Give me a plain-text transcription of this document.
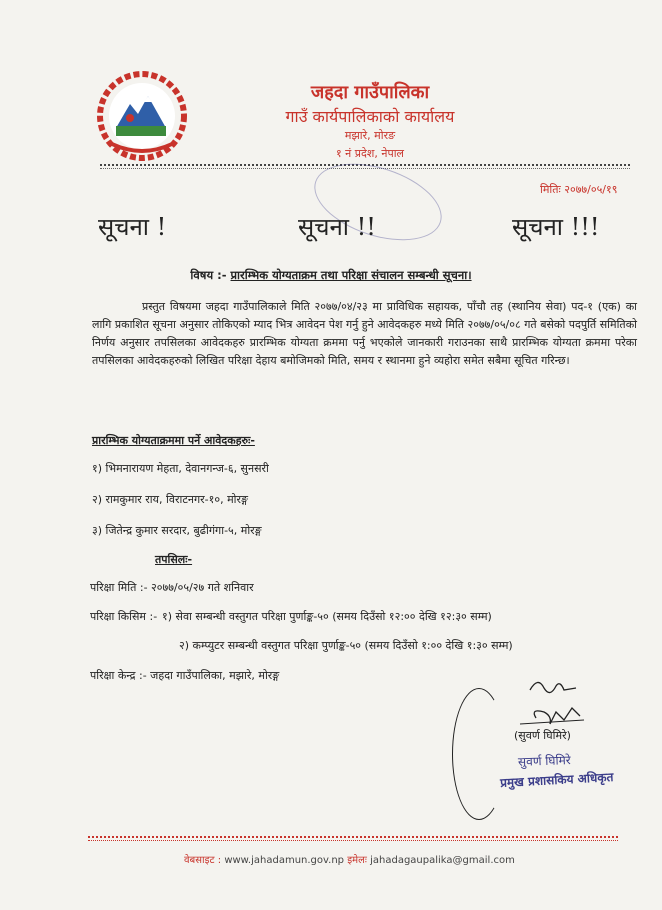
जहदा गाउँपालिका
गाउँ कार्यपालिकाको कार्यालय
मझारे, मोरङ
१ नं प्रदेश, नेपाल
मितिः २०७७/०५/१९
सूचना !	सूचना !!	सूचना !!!
विषय :- प्रारम्भिक योग्यताक्रम तथा परिक्षा संचालन सम्बन्धी सूचना।

प्रस्तुत विषयमा जहदा गाउँपालिकाले मिति २०७७/०४/२३ मा प्राविधिक सहायक, पाँचौ तह (स्थानिय सेवा) पद-१ (एक) का लागि प्रकाशित सूचना अनुसार तोकिएको म्याद भित्र आवेदन पेश गर्नु हुने आवेदकहरु मध्ये मिति २०७७/०५/०८ गते बसेको पदपुर्ति समितिको निर्णय अनुसार तपसिलका आवेदकहरु प्रारम्भिक योग्यता क्रममा पर्नु भएकोले जानकारी गराउनका साथै प्रारम्भिक योग्यता क्रममा परेका तपसिलका आवेदकहरुको लिखित परिक्षा देहाय बमोजिमको मिति, समय र स्थानमा हुने व्यहोरा समेत सबैमा सूचित गरिन्छ।

प्रारम्भिक योग्यताक्रममा पर्ने आवेदकहरुः-
१) भिमनारायण मेहता, देवानगन्ज-६, सुनसरी
२) रामकुमार राय, विराटनगर-१०, मोरङ्ग
३) जितेन्द्र कुमार सरदार, बुढीगंगा-५, मोरङ्ग
तपसिलः-
परिक्षा मिति :- २०७७/०५/२७ गते शनिवार
परिक्षा किसिम :- १) सेवा सम्बन्धी वस्तुगत परिक्षा पुर्णाङ्क-५० (समय दिउँसो १२:०० देखि १२:३० सम्म)
२) कम्प्युटर सम्बन्धी वस्तुगत परिक्षा पुर्णाङ्क-५० (समय दिउँसो १:०० देखि १:३० सम्म)
परिक्षा केन्द्र :- जहदा गाउँपालिका, मझारे, मोरङ्ग
(सुवर्ण घिमिरे)
सुवर्ण घिमिरे
प्रमुख प्रशासकिय अधिकृत
वेबसाइट : www.jahadamun.gov.np इमेलः jahadagaupalika@gmail.com
